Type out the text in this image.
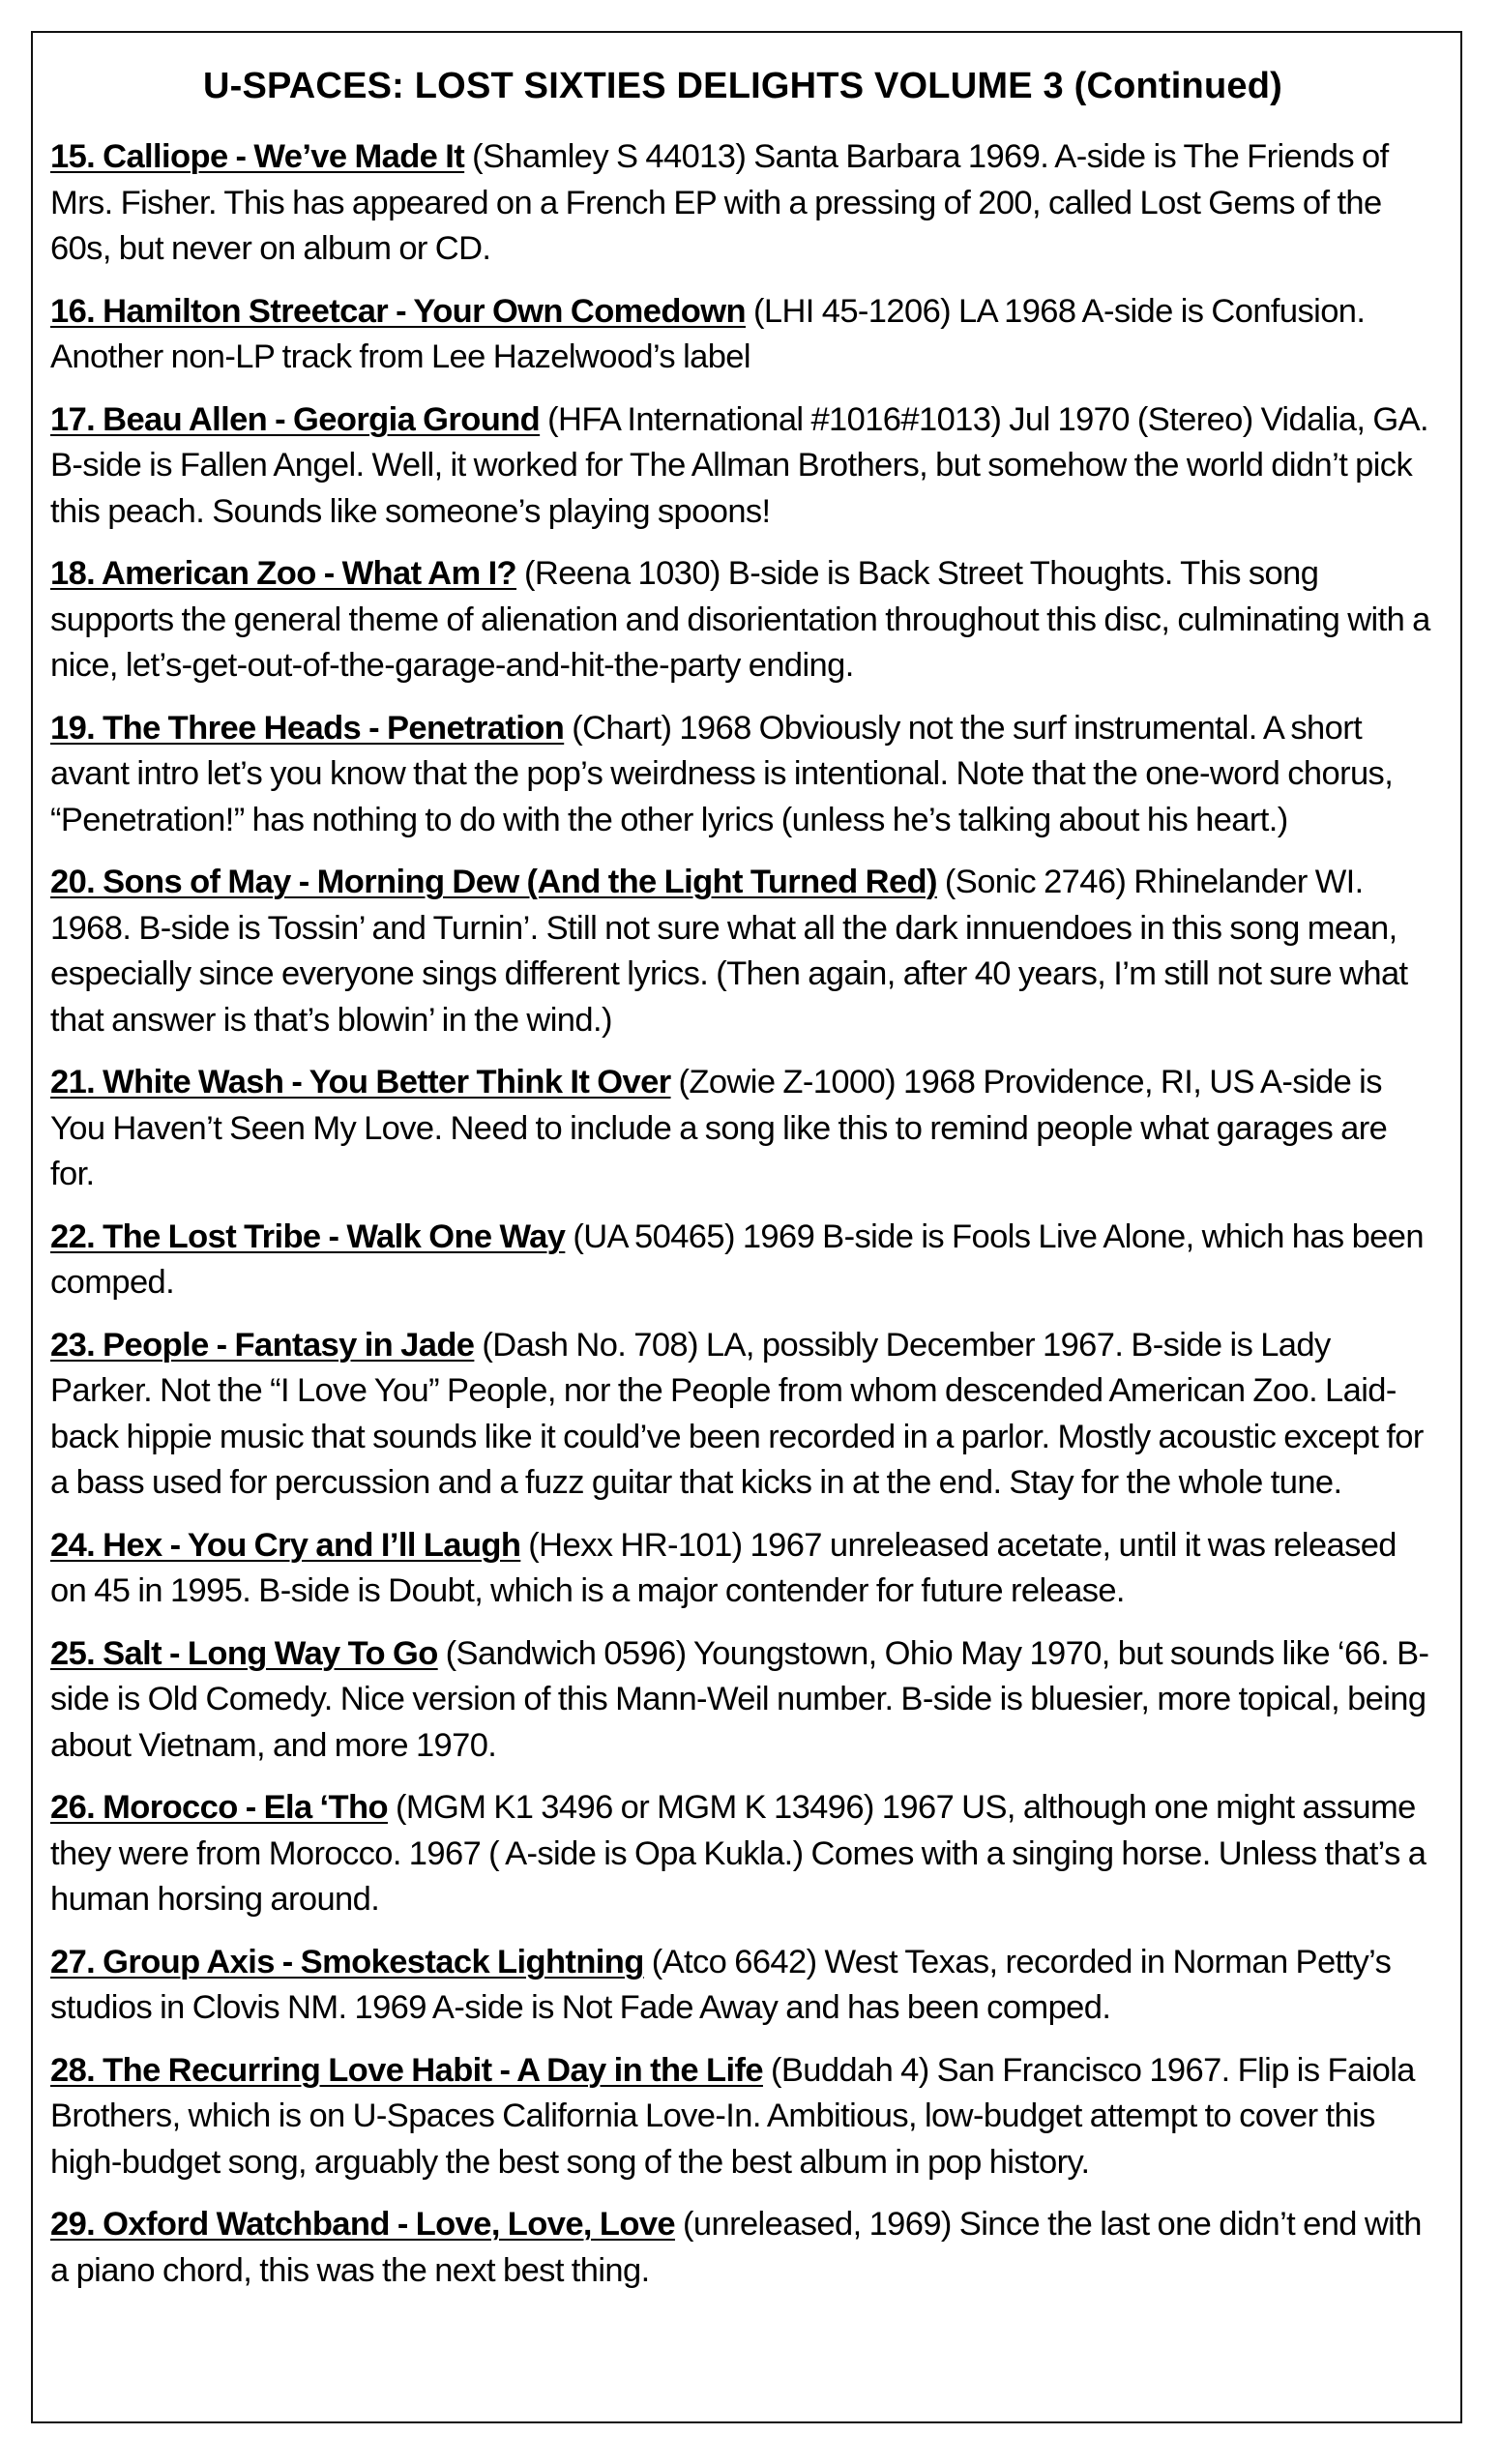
U-SPACES: LOST SIXTIES DELIGHTS VOLUME 3 (Continued)

15. Calliope - We’ve Made It (Shamley S 44013) Santa Barbara 1969. A-side is The Friends of Mrs. Fisher. This has appeared on a French EP with a pressing of 200, called Lost Gems of the 60s, but never on album or CD.

16. Hamilton Streetcar - Your Own Comedown (LHI 45-1206) LA 1968 A-side is Confusion. Another non-LP track from Lee Hazelwood’s label

17. Beau Allen - Georgia Ground (HFA International #1016#1013) Jul 1970 (Stereo) Vidalia, GA. B-side is Fallen Angel. Well, it worked for The Allman Brothers, but somehow the world didn’t pick this peach. Sounds like someone’s playing spoons!

18. American Zoo - What Am I? (Reena 1030) B-side is Back Street Thoughts. This song supports the general theme of alienation and disorientation throughout this disc, culminating with a nice, let’s-get-out-of-the-garage-and-hit-the-party ending.

19. The Three Heads - Penetration (Chart) 1968 Obviously not the surf instrumental. A short avant intro let’s you know that the pop’s weirdness is intentional. Note that the one-word chorus, “Penetration!” has nothing to do with the other lyrics (unless he’s talking about his heart.)

20. Sons of May - Morning Dew (And the Light Turned Red) (Sonic 2746) Rhinelander WI. 1968. B-side is Tossin’ and Turnin’. Still not sure what all the dark innuendoes in this song mean, especially since everyone sings different lyrics. (Then again, after 40 years, I’m still not sure what that answer is that’s blowin’ in the wind.)

21. White Wash - You Better Think It Over (Zowie Z-1000) 1968 Providence, RI, US A-side is You Haven’t Seen My Love. Need to include a song like this to remind people what garages are for.

22. The Lost Tribe - Walk One Way (UA 50465) 1969 B-side is Fools Live Alone, which has been comped.

23. People - Fantasy in Jade (Dash No. 708) LA, possibly December 1967. B-side is Lady Parker. Not the “I Love You” People, nor the People from whom descended American Zoo. Laid-back hippie music that sounds like it could’ve been recorded in a parlor. Mostly acoustic except for a bass used for percussion and a fuzz guitar that kicks in at the end. Stay for the whole tune.

24. Hex - You Cry and I’ll Laugh (Hexx HR-101) 1967 unreleased acetate, until it was released on 45 in 1995. B-side is Doubt, which is a major contender for future release.

25. Salt - Long Way To Go (Sandwich 0596) Youngstown, Ohio May 1970, but sounds like ‘66. B-side is Old Comedy. Nice version of this Mann-Weil number. B-side is bluesier, more topical, being about Vietnam, and more 1970.

26. Morocco - Ela ‘Tho (MGM K1 3496 or MGM K 13496) 1967 US, although one might assume they were from Morocco. 1967 ( A-side is Opa Kukla.) Comes with a singing horse. Unless that’s a human horsing around.

27. Group Axis - Smokestack Lightning (Atco 6642) West Texas, recorded in Norman Petty’s studios in Clovis NM. 1969 A-side is Not Fade Away and has been comped.

28. The Recurring Love Habit - A Day in the Life (Buddah 4) San Francisco 1967. Flip is Faiola Brothers, which is on U-Spaces California Love-In. Ambitious, low-budget attempt to cover this high-budget song, arguably the best song of the best album in pop history.

29. Oxford Watchband - Love, Love, Love (unreleased, 1969) Since the last one didn’t end with a piano chord, this was the next best thing.
